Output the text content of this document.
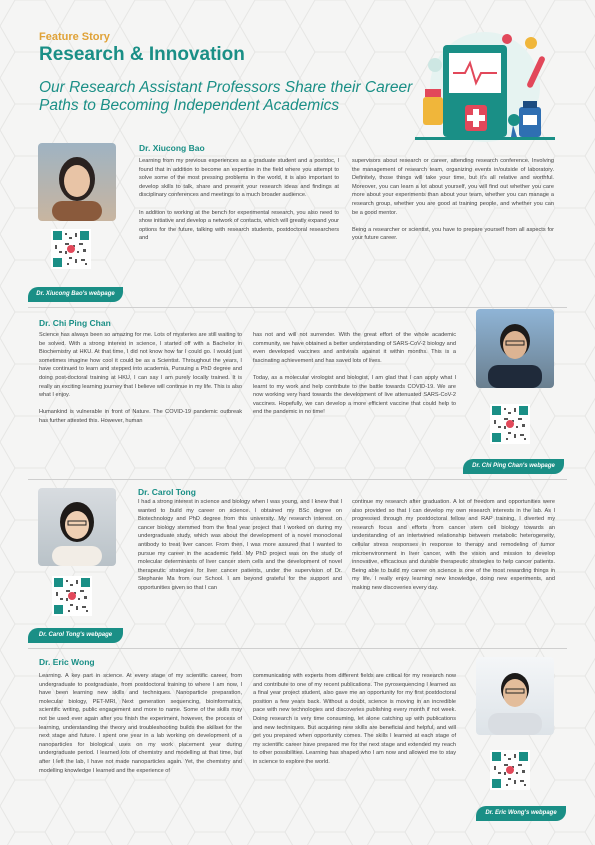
Feature Story
Research & Innovation
Our Research Assistant Professors Share their Career Paths to Becoming Independent Academics
Dr. Xiucong Bao's webpage
Dr. Xiucong Bao

Learning from my previous experiences as a graduate student and a postdoc, I found that in addition to become an expertise in the field where you attempt to solve some of the most pressing problems in the world, it is also important to develop skills to talk, share and present your research ideas and findings at disciplinary conferences and meetings to a much broader audience.

In addition to working at the bench for experimental research, you also need to show initiative and develop a network of contacts, which will greatly expand your options for the future, talking with research students, postdoctoral researchers and

supervisors about research or career, attending research conference. Involving the management of research team, organizing events in/outside of laboratory. Definitely, those things will take your time, but it's all relative and worthful. Moreover, you can learn a lot about yourself, you will find out whether you care more about your experiments than about your team, whether you can manage a research group, whether you are good at training people, and whether you can be a good mentor.

Being a researcher or scientist, you have to prepare yourself from all aspects for your future career.

Dr. Chi Ping Chan

Science has always been so amazing for me. Lots of mysteries are still waiting to be solved. With a strong interest in science, I started off with a Bachelor in Biochemistry at HKU. At that time, I did not know how far I could go. I would just sometimes imagine how cool it could be as a Scientist. Throughout the years, I have continued to learn and stepped into academia. Pursuing a PhD degree and doing post-doctoral training at HKU, I can say I am purely locally trained. It is really an exciting learning journey that I believe will continue in my life. This is also what I enjoy.

Humankind is vulnerable in front of Nature. The COVID-19 pandemic outbreak has further attested this. However, human

has not and will not surrender. With the great effort of the whole academic community, we have obtained a better understanding of SARS-CoV-2 biology and even developed vaccines and antivirals against it within months. This is a fascinating achievement and has saved lots of lives.

Today, as a molecular virologist and biologist, I am glad that I can apply what I learnt to my work and help contribute to the battle towards COVID-19. We are now working very hard towards the development of live attenuated SARS-CoV-2 vaccines. Hopefully, we can develop a more efficient vaccine that could help to end the pandemic in no time!

Dr. Chi Ping Chan's webpage
Dr. Carol Tong's webpage
Dr. Carol Tong

I had a strong interest in science and biology when I was young, and I knew that I wanted to build my career on science. I obtained my BSc degree on Biotechnology and PhD degree from this university. My research interest on cancer biology stemmed from the final year project that I worked on during my undergraduate study, which was about the development of a novel monoclonal antibody to treat liver cancer. From then, I was more assured that I wanted to pursue my career in the academic field. My PhD project was on the study of molecular determinants of liver cancer stem cells and the development of novel therapeutic strategies for liver cancer patients, under the supervision of Dr. Stephanie Ma from our School. I am beyond grateful for the support and opportunities given so that I can

continue my research after graduation. A lot of freedom and opportunities were also provided so that I can develop my own research interests in the lab. As I progressed through my postdoctoral fellow and RAP training, I diverted my research focus and efforts from cancer stem cell biology towards an understanding of an intertwined relationship between metabolic heterogeneity, cellular stress responses in response to therapy and remodeling of tumor microenvironment in liver cancer, with the vision and mission to develop innovative, efficacious and durable therapeutic strategies to help cancer patients. Being able to build my career on science is one of the most rewarding things in my life. I really enjoy learning new knowledge, doing new experiments, and making new discoveries every day.

Dr. Eric Wong

Learning. A key part in science. At every stage of my scientific career, from undergraduate to postgraduate, from postdoctoral training to where I am now, I have been learning new skills and techniques. Nanoparticle preparation, molecular biology, PET-MRI, Next generation sequencing, bioinformatics, scientific writing, public engagement and more to name. Some of the skills may not be used ever again after you finish the experiment, however, the process of learning, understanding the theory and troubleshooting builds the skillset for the next stage and future. I spent one year in a lab working on development of a nanoparticles for biological uses on my work placement year during undergraduate period. I learned lots of chemistry and modelling at that time, but after I left the lab, I have not made nanoparticles again. Yet, the chemistry and modelling knowledge I learned and the experience of

communicating with experts from different fields are critical for my research now and contribute to one of my recent publications. The pyrosequencing I learned as a final year project student, also gave me an opportunity for my first postdoctoral position a few years back. Without a doubt, science is moving in an incredible pace with new technologies and discoveries publishing every month if not week. Doing research is very time consuming, let alone catching up with publications and new techniques. But acquiring new skills are beneficial and helpful, and will get you prepared when opportunity comes. The skills I learned at each stage of my scientific career have prepared me for the next stage and extended my reach to other possibilities. Learning has shaped who I am now and allowed me to stay in science to explore the world.

Dr. Eric Wong's webpage
